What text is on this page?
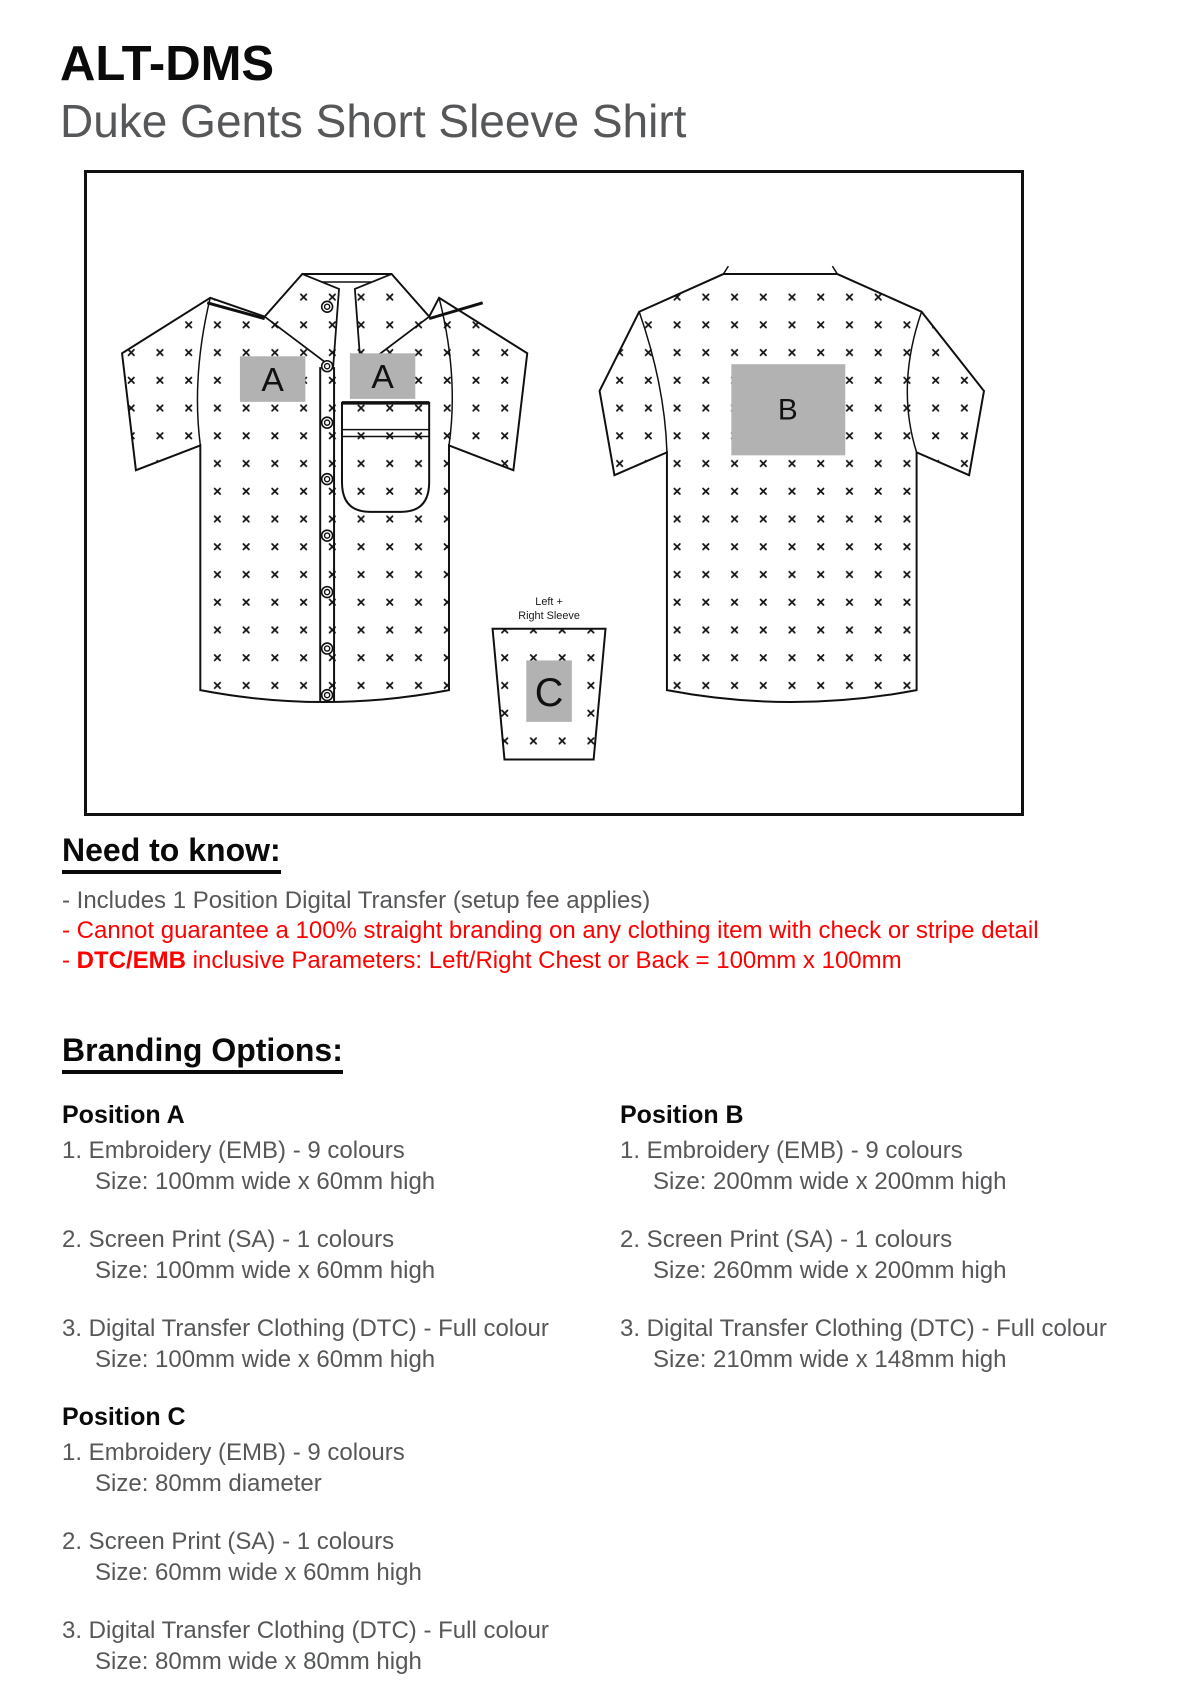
ALT-DMS
Duke Gents Short Sleeve Shirt
B
A	A
Left +
Right Sleeve
C
Need to know:
- Includes 1 Position Digital Transfer (setup fee applies)
- Cannot guarantee a 100% straight branding on any clothing item with check or stripe detail
- DTC/EMB inclusive Parameters: Left/Right Chest or Back = 100mm x 100mm
Branding Options:
Position A
1. Embroidery (EMB) - 9 colours
Size: 100mm wide x 60mm high
2. Screen Print (SA) - 1 colours
Size: 100mm wide x 60mm high
3. Digital Transfer Clothing (DTC) - Full colour
Size: 100mm wide x 60mm high
Position C
1. Embroidery (EMB) - 9 colours
Size: 80mm diameter
2. Screen Print (SA) - 1 colours
Size: 60mm wide x 60mm high
3. Digital Transfer Clothing (DTC) - Full colour
Size: 80mm wide x 80mm high
Position B
1. Embroidery (EMB) - 9 colours
Size: 200mm wide x 200mm high
2. Screen Print (SA) - 1 colours
Size: 260mm wide x 200mm high
3. Digital Transfer Clothing (DTC) - Full colour
Size: 210mm wide x 148mm high
